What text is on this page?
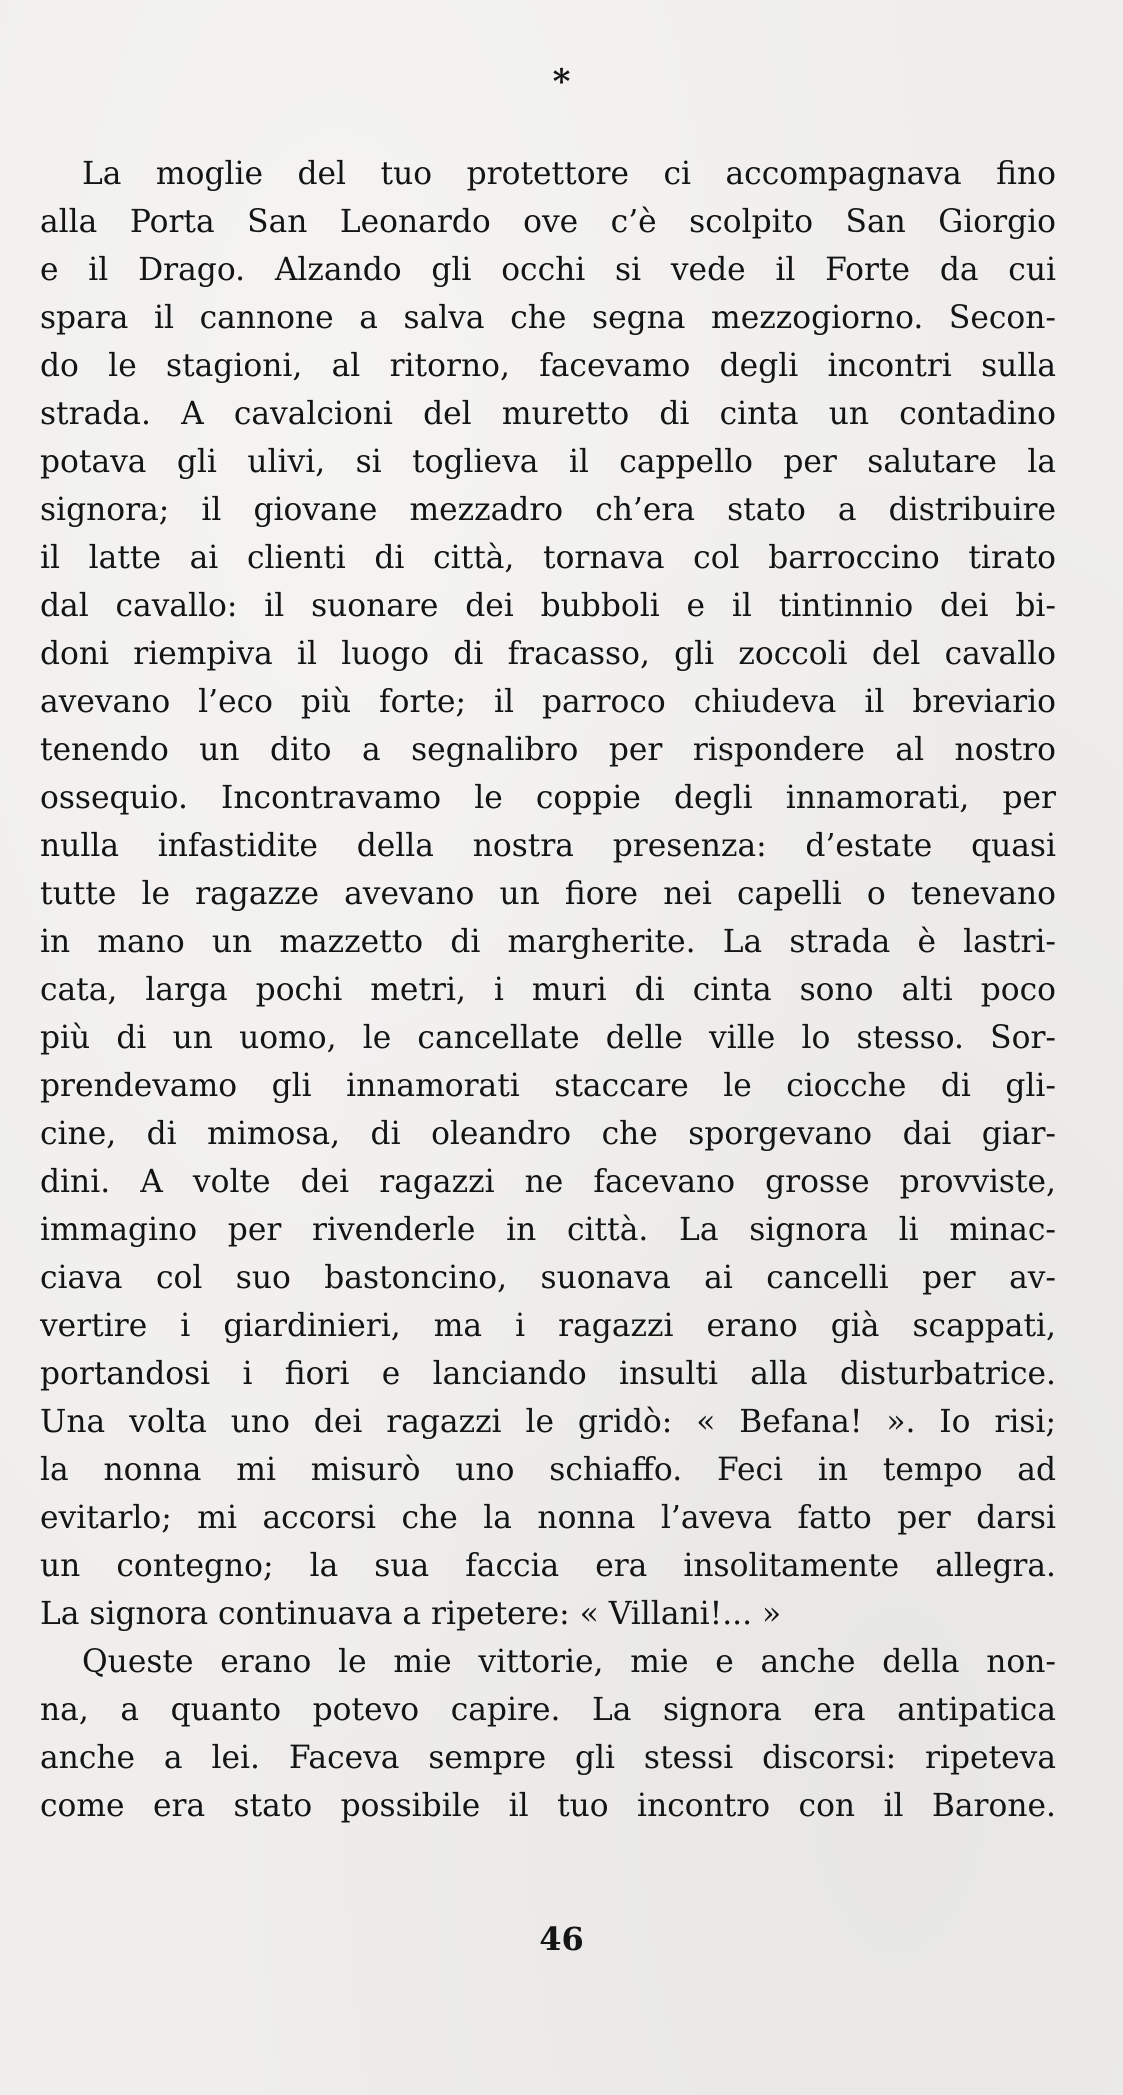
*
La moglie del tuo protettore ci accompagnava fino
alla Porta San Leonardo ove c’è scolpito San Giorgio
e il Drago. Alzando gli occhi si vede il Forte da cui
spara il cannone a salva che segna mezzogiorno. Secon-
do le stagioni, al ritorno, facevamo degli incontri sulla
strada. A cavalcioni del muretto di cinta un contadino
potava gli ulivi, si toglieva il cappello per salutare la
signora; il giovane mezzadro ch’era stato a distribuire
il latte ai clienti di città, tornava col barroccino tirato
dal cavallo: il suonare dei bubboli e il tintinnio dei bi-
doni riempiva il luogo di fracasso, gli zoccoli del cavallo
avevano l’eco più forte; il parroco chiudeva il breviario
tenendo un dito a segnalibro per rispondere al nostro
ossequio. Incontravamo le coppie degli innamorati, per
nulla infastidite della nostra presenza: d’estate quasi
tutte le ragazze avevano un fiore nei capelli o tenevano
in mano un mazzetto di margherite. La strada è lastri-
cata, larga pochi metri, i muri di cinta sono alti poco
più di un uomo, le cancellate delle ville lo stesso. Sor-
prendevamo gli innamorati staccare le ciocche di gli-
cine, di mimosa, di oleandro che sporgevano dai giar-
dini. A volte dei ragazzi ne facevano grosse provviste,
immagino per rivenderle in città. La signora li minac-
ciava col suo bastoncino, suonava ai cancelli per av-
vertire i giardinieri, ma i ragazzi erano già scappati,
portandosi i fiori e lanciando insulti alla disturbatrice.
Una volta uno dei ragazzi le gridò: « Befana! ». Io risi;
la nonna mi misurò uno schiaffo. Feci in tempo ad
evitarlo; mi accorsi che la nonna l’aveva fatto per darsi
un contegno; la sua faccia era insolitamente allegra.
La signora continuava a ripetere: « Villani!... »
Queste erano le mie vittorie, mie e anche della non-
na, a quanto potevo capire. La signora era antipatica
anche a lei. Faceva sempre gli stessi discorsi: ripeteva
come era stato possibile il tuo incontro con il Barone.
46
